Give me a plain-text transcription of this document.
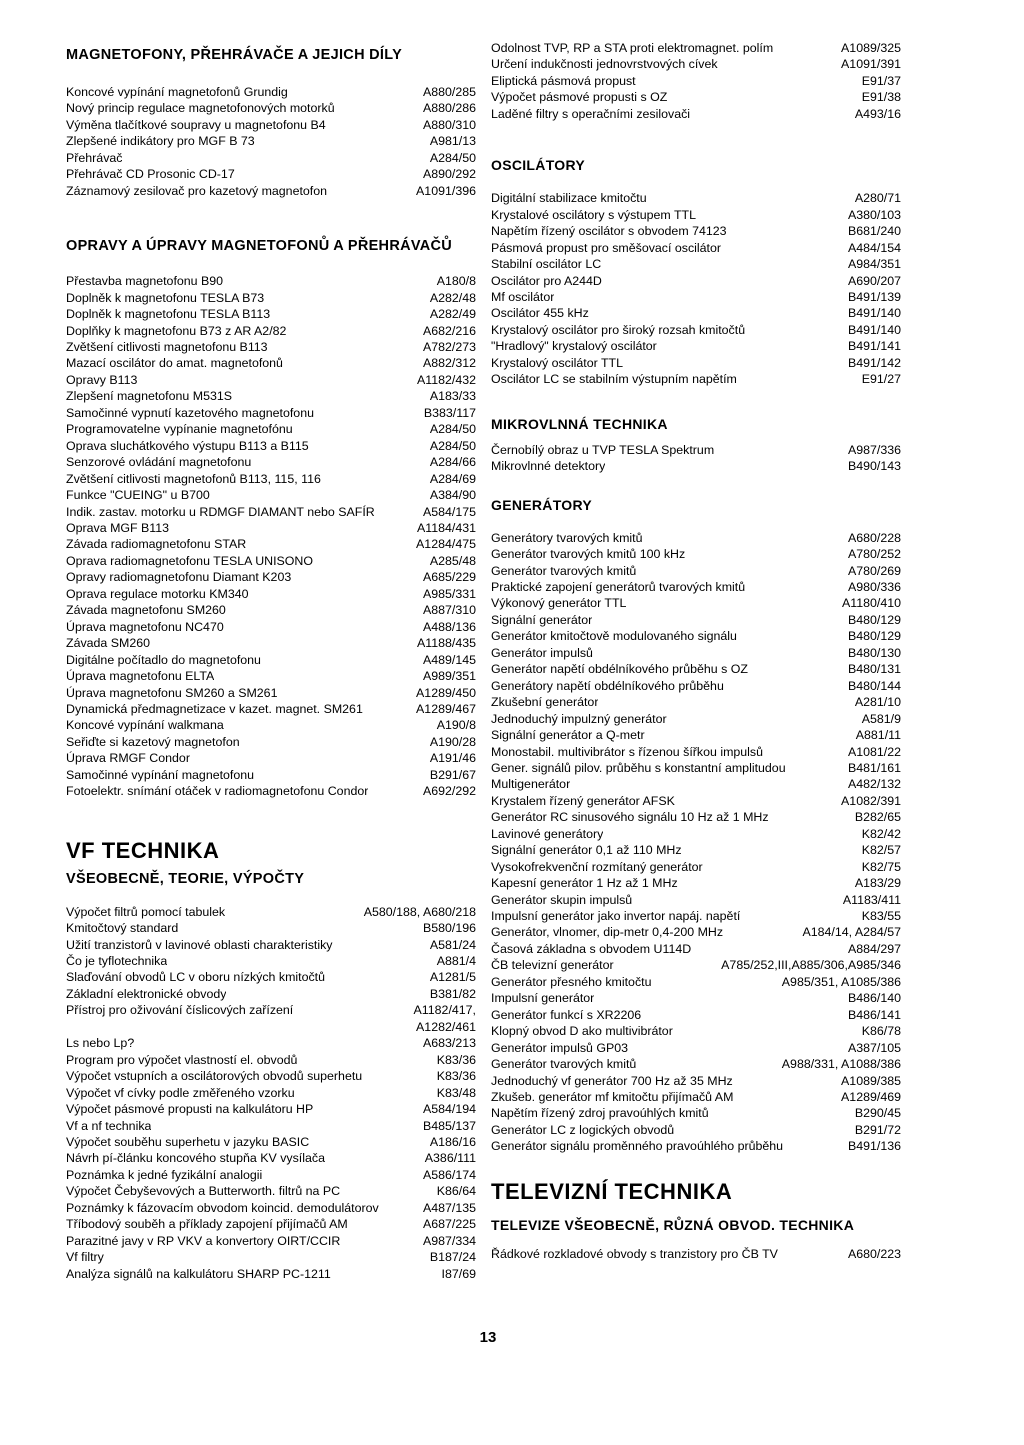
MAGNETOFONY, PŘEHRÁVAČE A JEJICH DÍLY
Koncové vypínání magnetofonů Grundig	A880/285
Nový princip regulace magnetofonových motorků	A880/286
Výměna tlačítkové soupravy u magnetofonu B4	A880/310
Zlepšené indikátory pro MGF B 73	A981/13
Přehrávač	A284/50
Přehrávač CD Prosonic CD-17	A890/292
Záznamový zesilovač pro kazetový magnetofon	A1091/396
OPRAVY A ÚPRAVY MAGNETOFONŮ A PŘEHRÁVAČŮ
Přestavba magnetofonu B90	A180/8
Doplněk k magnetofonu TESLA B73	A282/48
Doplněk k magnetofonu TESLA B113	A282/49
Doplňky k magnetofonu B73 z AR A2/82	A682/216
Zvětšení citlivosti magnetofonu B113	A782/273
Mazací oscilátor do amat. magnetofonů	A882/312
Opravy B113	A1182/432
Zlepšení magnetofonu M531S	A183/33
Samočinné vypnutí kazetového magnetofonu	B383/117
Programovatelne vypínanie magnetofónu	A284/50
Oprava sluchátkového výstupu B113 a B115	A284/50
Senzorové ovládání magnetofonu	A284/66
Zvětšení citlivosti magnetofonů B113, 115, 116	A284/69
Funkce "CUEING" u B700	A384/90
Indik. zastav. motorku u RDMGF DIAMANT nebo SAFÍR	A584/175
Oprava MGF B113	A1184/431
Závada radiomagnetofonu STAR	A1284/475
Oprava radiomagnetofonu TESLA UNISONO	A285/48
Opravy radiomagnetofonu Diamant K203	A685/229
Oprava regulace motorku KM340	A985/331
Závada magnetofonu SM260	A887/310
Úprava magnetofonu NC470	A488/136
Závada SM260	A1188/435
Digitálne počítadlo do magnetofonu	A489/145
Úprava magnetofonu ELTA	A989/351
Úprava magnetofonu SM260 a SM261	A1289/450
Dynamická předmagnetizace v kazet. magnet. SM261	A1289/467
Koncové vypínání walkmana	A190/8
Seřiďte si kazetový magnetofon	A190/28
Úprava RMGF Condor	A191/46
Samočinné vypínání magnetofonu	B291/67
Fotoelektr. snímání otáček v radiomagnetofonu Condor	A692/292
VF TECHNIKA
VŠEOBECNĚ, TEORIE, VÝPOČTY
Výpočet filtrů pomocí tabulek	A580/188, A680/218
Kmitočtový standard	B580/196
Užití tranzistorů v lavinové oblasti charakteristiky	A581/24
Čo je tyflotechnika	A881/4
Slaďování obvodů LC v oboru nízkých kmitočtů	A1281/5
Základní elektronické obvody	B381/82
Přístroj pro oživování číslicových zařízení	A1182/417,
A1282/461
Ls nebo Lp?	A683/213
Program pro výpočet vlastností el. obvodů	K83/36
Výpočet vstupních a oscilátorových obvodů superhetu	K83/36
Výpočet vf cívky podle změřeného vzorku	K83/48
Výpočet pásmové propusti na kalkulátoru HP	A584/194
Vf a nf technika	B485/137
Výpočet souběhu superhetu v jazyku BASIC	A186/16
Návrh pí-článku koncového stupňa KV vysílača	A386/111
Poznámka k jedné fyzikální analogii	A586/174
Výpočet Čebyševových a Butterworth. filtrů na PC	K86/64
Poznámky k fázovacím obvodom koincid. demodulátorov	A487/135
Tříbodový souběh a příklady zapojení přijímačů AM	A687/225
Parazitné javy v RP VKV a konvertory OIRT/CCIR	A987/334
Vf filtry	B187/24
Analýza signálů na kalkulátoru SHARP PC-1211	I87/69
Odolnost TVP, RP a STA proti elektromagnet. polím	A1089/325
Určení indukčnosti jednovrstvových cívek	A1091/391
Eliptická pásmová propust	E91/37
Výpočet pásmové propusti s OZ	E91/38
Laděné filtry s operačními zesilovači	A493/16
OSCILÁTORY
Digitální stabilizace kmitočtu	A280/71
Krystalové oscilátory s výstupem TTL	A380/103
Napětím řízený oscilátor s obvodem 74123	B681/240
Pásmová propust pro směšovací oscilátor	A484/154
Stabilní oscilátor LC	A984/351
Oscilátor pro A244D	A690/207
Mf oscilátor	B491/139
Oscilátor 455 kHz	B491/140
Krystalový oscilátor pro široký rozsah kmitočtů	B491/140
"Hradlový" krystalový oscilátor	B491/141
Krystalový oscilátor TTL	B491/142
Oscilátor LC se stabilním výstupním napětím	E91/27
MIKROVLNNÁ TECHNIKA
Černobílý obraz u TVP TESLA Spektrum	A987/336
Mikrovlnné detektory	B490/143
GENERÁTORY
Generátory tvarových kmitů	A680/228
Generátor tvarových kmitů 100 kHz	A780/252
Generátor tvarových kmitů	A780/269
Praktické zapojení generátorů tvarových kmitů	A980/336
Výkonový generátor TTL	A1180/410
Signální generátor	B480/129
Generátor kmitočtově modulovaného signálu	B480/129
Generátor impulsů	B480/130
Generátor napětí obdélníkového průběhu s OZ	B480/131
Generátory napětí obdélníkového průběhu	B480/144
Zkušební generátor	A281/10
Jednoduchý impulzný generátor	A581/9
Signální generátor a Q-metr	A881/11
Monostabil. multivibrátor s řízenou šířkou impulsů	A1081/22
Gener. signálů pilov. průběhu s konstantní amplitudou	B481/161
Multigenerátor	A482/132
Krystalem řízený generátor AFSK	A1082/391
Generátor RC sinusového signálu 10 Hz až 1 MHz	B282/65
Lavinové generátory	K82/42
Signální generátor 0,1 až 110 MHz	K82/57
Vysokofrekvenční rozmítaný generátor	K82/75
Kapesní generátor 1 Hz až 1 MHz	A183/29
Generátor skupin impulsů	A1183/411
Impulsní generátor jako invertor napáj. napětí	K83/55
Generátor, vlnomer, dip-metr 0,4-200 MHz	A184/14, A284/57
Časová základna s obvodem U114D	A884/297
ČB televizní generátor	A785/252,III,A885/306,A985/346
Generátor přesného kmitočtu	A985/351, A1085/386
Impulsní generátor	B486/140
Generátor funkcí s XR2206	B486/141
Klopný obvod D ako multivibrátor	K86/78
Generátor impulsů GP03	A387/105
Generátor tvarových kmitů	A988/331, A1088/386
Jednoduchý vf generátor 700 Hz až 35 MHz	A1089/385
Zkušeb. generátor mf kmitočtu přijímačů AM	A1289/469
Napětím řízený zdroj pravoúhlých kmitů	B290/45
Generátor LC z logických obvodů	B291/72
Generátor signálu proměnného pravoúhlého průběhu	B491/136
TELEVIZNÍ TECHNIKA
TELEVIZE VŠEOBECNĚ, RŮZNÁ OBVOD. TECHNIKA
Řádkové rozkladové obvody s tranzistory pro ČB TV	A680/223
13
